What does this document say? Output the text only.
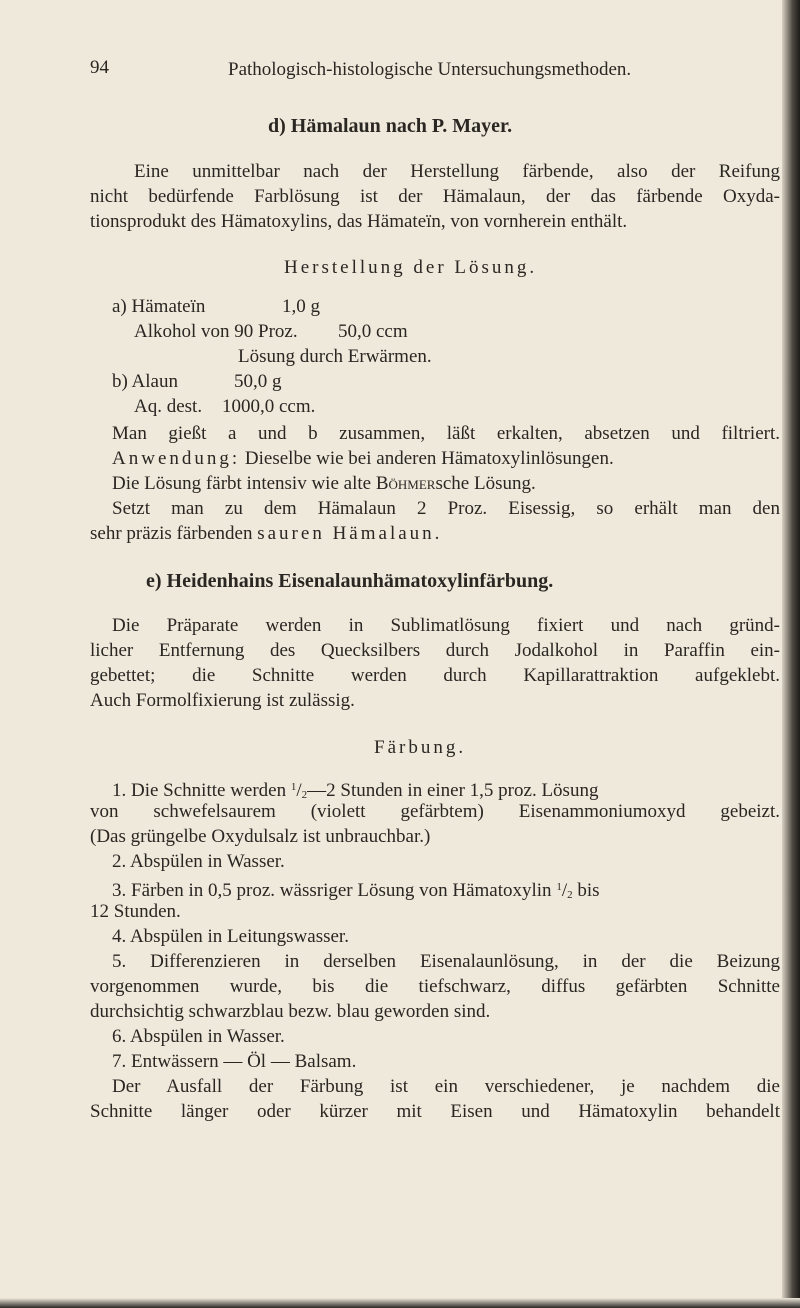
94	Pathologisch-histologische Untersuchungsmethoden.
d) Hämalaun nach P. Mayer.
Eine unmittelbar nach der Herstellung färbende, also der Reifung
nicht bedürfende Farblösung ist der Hämalaun, der das färbende Oxyda-
tionsprodukt des Hämatoxylins, das Hämateïn, von vornherein enthält.
Herstellung der Lösung.
a) Hämateïn	1,0 g
Alkohol von 90 Proz. 50,0 ccm
Lösung durch Erwärmen.
b) Alaun	50,0 g
Aq. dest. 1000,0 ccm.
Man gießt a und b zusammen, läßt erkalten, absetzen und filtriert.
Anwendung: Dieselbe wie bei anderen Hämatoxylinlösungen.
Die Lösung färbt intensiv wie alte Böhmersche Lösung.
Setzt man zu dem Hämalaun 2 Proz. Eisessig, so erhält man den
sehr präzis färbenden sauren Hämalaun.
e) Heidenhains Eisenalaunhämatoxylinfärbung.
Die Präparate werden in Sublimatlösung fixiert und nach gründ-
licher Entfernung des Quecksilbers durch Jodalkohol in Paraffin ein-
gebettet; die Schnitte werden durch Kapillarattraktion aufgeklebt.
Auch Formolfixierung ist zulässig.
Färbung.
1. Die Schnitte werden $^1/_2—2$ Stunden in einer 1,5 proz. Lösung
von schwefelsaurem (violett gefärbtem) Eisenammoniumoxyd gebeizt.
(Das grüngelbe Oxydulsalz ist unbrauchbar.)
2. Abspülen in Wasser.
3. Färben in 0,5 proz. wässriger Lösung von Hämatoxylin $^1/_2$ bis
12 Stunden.
4. Abspülen in Leitungswasser.
5. Differenzieren in derselben Eisenalaunlösung, in der die Beizung
vorgenommen wurde, bis die tiefschwarz, diffus gefärbten Schnitte
durchsichtig schwarzblau bezw. blau geworden sind.
6. Abspülen in Wasser.
7. Entwässern — Öl — Balsam.
Der Ausfall der Färbung ist ein verschiedener, je nachdem die
Schnitte länger oder kürzer mit Eisen und Hämatoxylin behandelt
